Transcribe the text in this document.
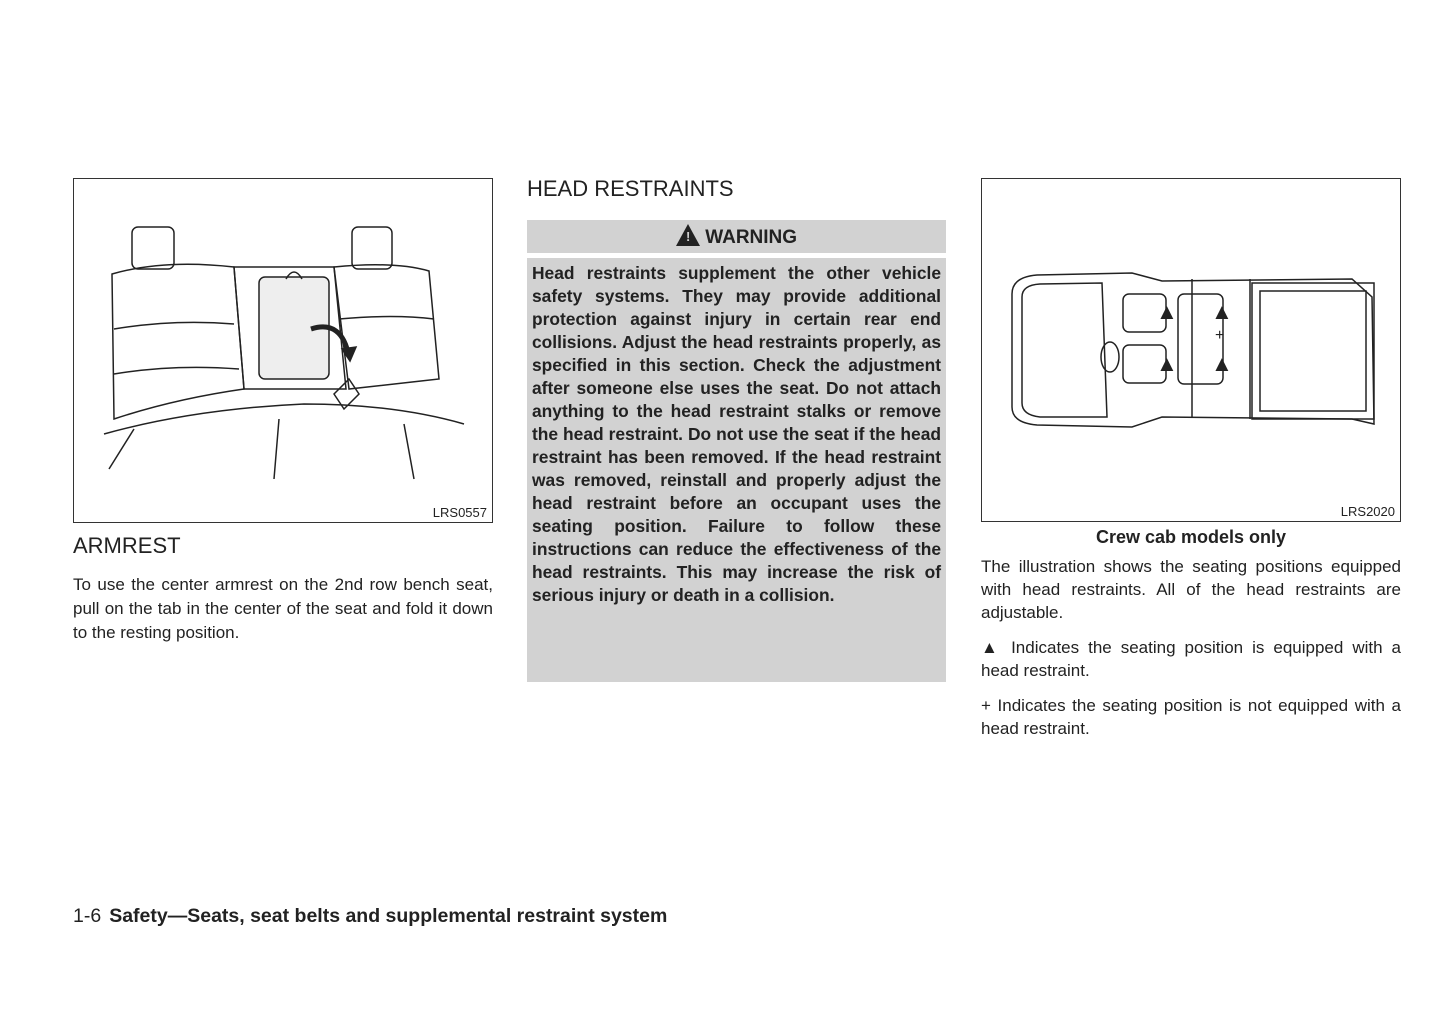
LRS0557
ARMREST
To use the center armrest on the 2nd row bench seat, pull on the tab in the center of the seat and fold it down to the resting position.
HEAD RESTRAINTS
! WARNING
Head restraints supplement the other vehicle safety systems. They may provide additional protection against injury in certain rear end collisions. Adjust the head restraints properly, as specified in this section. Check the adjustment after someone else uses the seat. Do not attach anything to the head restraint stalks or remove the head restraint. Do not use the seat if the head restraint has been removed. If the head restraint was removed, reinstall and properly adjust the head restraint before an occupant uses the seating position. Failure to follow these instructions can reduce the effectiveness of the head restraints. This may increase the risk of serious injury or death in a collision.
▲
▲
▲
+
▲
LRS2020
Crew cab models only
The illustration shows the seating positions equipped with head restraints. All of the head restraints are adjustable.
▲ Indicates the seating position is equipped with a head restraint.
+ Indicates the seating position is not equipped with a head restraint.
1-6 Safety—Seats, seat belts and supplemental restraint system
